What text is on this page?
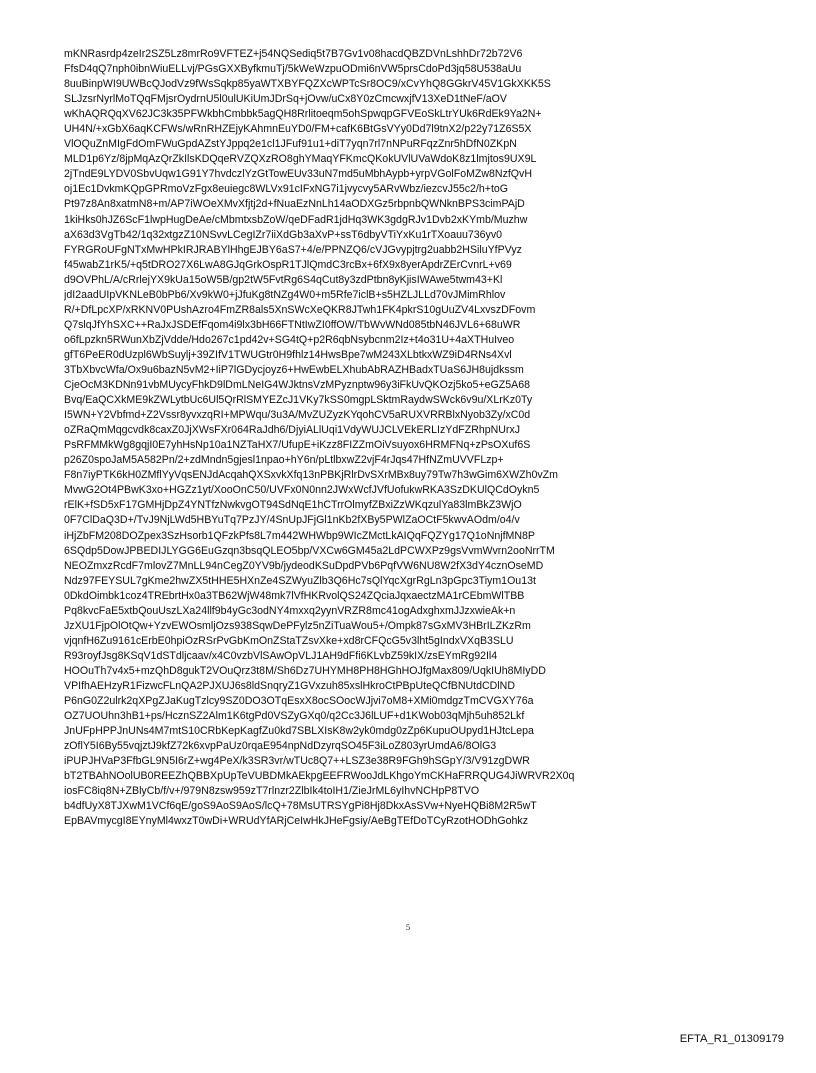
mKNRasrdp4zeIr2SZ5Lz8mrRo9VFTEZ+j54NQSediq5t7B7Gv1v08hacdQBZDVnLshhDr72b72V6
FfsD4qQ7nph0ibnWiuELLvj/PGsGXXByfkmuTj/5kWeWzpuODmi6nVW5prsCdoPd3jq58U538aUu
8uuBinpWI9UWBcQJodVz9fWsSqkp85yaWTXBYFQZXcWPTcSr8OC9/xCvYhQ8GGkrV45V1GkXKK5S
SLJzsrNyrlMoTQqFMjsrOydrnU5l0ulUKiUmJDrSq+jOvw/uCx8Y0zCmcwxjfV13XeD1tNeF/aOV
wKhAQRQqXV62JC3k35PFWkbhCmbbk5agQH8Rrlitoeqm5ohSpwqpGFVEoSkLtrYUk6RdEk9Ya2N+
UH4N/+xGbX6aqKCFWs/wRnRHZEjyKAhmnEuYD0/FM+cafK6BtGsVYy0Dd7l9tnX2/p22y71Z6S5X
VlOQuZnMIgFdOmFWuGpdAZstYJppq2e1cl1JFuf91u1+diT7yqn7rl7nNPuRFqzZnr5hDfN0ZKpN
MLD1p6Yz/8jpMqAzQrZkIlsKDQqeRVZQXzRO8ghYMaqYFKmcQKokUVlUVaWdoK8z1lmjtos9UX9L
2jTndE9LYDV0SbvUqw1G91Y7hvdczlYzGtTowEUv33uN7md5uMbhAypb+yrpVGolFoMZw8NzfQvH
oj1Ec1DvkmKQpGPRmoVzFgx8euiegc8WLVx91cIFxNG7i1jvycvy5ARvWbz/iezcvJ55c2/h+toG
Pt97z8An8xatmN8+m/AP7iWOeXMvXfjtj2d+fNuaEzNnLh14aODXGz5rbpnbQWNknBPS3cimPAjD
1kiHks0hJZ6ScF1lwpHugDeAe/cMbmtxsbZoW/qeDFadR1jdHq3WK3gdgRJv1Dvb2xKYmb/Muzhw
aX63d3VgTb42/1q32xtgzZ10NSvvLCegIZr7iiXdGb3aXvP+ssT6dbyVTiYxKu1rTXoauu736yv0
FYRGRoUFgNTxMwHPkIRJRABYlHhgEJBY6aS7+4/e/PPNZQ6/cVJGvypjtrg2uabb2HSiluYfPVyz
f45wabZ1rK5/+q5tDRO27X6LwA8GJqGrkOspR1TJlQmdC3rcBx+6fX9x8yerApdrZErCvnrL+v69
d9OVPhL/A/cRrlejYX9kUa15oW5B/gp2tW5FvtRg6S4qCut8y3zdPtbn8yKjisIWAwe5twm43+Kl
jdI2aadUIpVKNLeB0bPb6/Xv9kW0+jJfuKg8tNZg4W0+m5Rfe7iclB+s5HZLJLLd70vJMimRhlov
R/+DfLpcXP/xRKNV0PUshAzro4FmZR8als5XnSWcXeQKR8JTwh1FK4pkrS10gUuZV4LxvszDFovm
Q7slqJfYhSXC++RaJxJSDEfFqom4i9lx3bH66FTNtIwZI0ffOW/TbWvWNd085tbN46JVL6+68uWR
o6fLpzkn5RWunXbZjVdde/Hdo267c1pd42v+SG4tQ+p2R6qbNsybcnm2Iz+t4o31U+4aXTHuIveo
gfT6PeER0dUzpl6WbSuylj+39ZIfV1TWUGtr0H9fhlz14HwsBpe7wM243XLbtkxWZ9iD4RNs4Xvl
3TbXbvcWfa/Ox9u6bazN5vM2+IiP7lGDycjoyz6+HwEwbELXhubAbRAZHBadxTUaS6JH8ujdkssm
CjeOcM3KDNn91vbMUycyFhkD9lDmLNeIG4WJktnsVzMPyznptw96y3iFkUvQKOzj5ko5+eGZ5A68
Bvq/EaQCXkME9kZWLytbUc6Ul5QrRlSMYEZcJ1VKy7kSS0mgpLSktmRaydwSWck6v9u/XLrKz0Ty
I5WN+Y2Vbfmd+Z2Vssr8yvxzqRI+MPWqu/3u3A/MvZUZyzKYqohCV5aRUXVRRBlxNyob3Zy/xC0d
oZRaQmMqgcvdk8caxZ0JjXWsFXr064RaJdh6/DjyiALlUqi1VdyWUJCLVEkERLIzYdFZRhpNUrxJ
PsRFMMkWg8gqjI0E7yhHsNp10a1NZTaHX7/UfupE+iKzz8FIZZmOiVsuyox6HRMFNq+zPsOXuf6S
p26Z0spoJaM5A582Pn/2+zdMndn5gjesl1npao+hY6n/pLtlbxwZ2vjF4rJqs47HfNZmUVVFLzp+
F8n7iyPTK6kH0ZMflYyVqsENJdAcqahQXSxvkXfq13nPBKjRlrDvSXrMBx8uy79Tw7h3wGim6XWZh0vZm
MvwG2Ot4PBwK3xo+HGZz1yt/XooOnC50/UVFx0N0nn2JWxWcfJVfUofukwRKA3SzDKUlQCdOykn5
rElK+fSD5xF17GMHjDpZ4YNTfzNwkvgOT94SdNqE1hCTrrOlmyfZBxiZzWKqzulYa83lmBkZ3WjO
0F7ClDaQ3D+/TvJ9NjLWd5HBYuTq7PzJY/4SnUpJFjGl1nKb2fXBy5PWlZaOCtF5kwvAOdm/o4/v
iHjZbFM208DOZpex3SzHsorb1QFzkPfs8L7m442WHWbp9WIcZMctLkAIQqFQZYg17Q1oNnjfMN8P
6SQdp5DowJPBEDIJLYGG6EuGzqn3bsqQLEO5bp/VXCw6GM45a2LdPCWXPz9gsVvmWvrn2ooNrrTM
NEOZmxzRcdF7mlovZ7MnLL94nCegZ0YV9b/jydeodKSuDpdPVb6PqfVW6NU8W2fX3dY4cznOseMD
Ndz97FEYSUL7gKme2hwZX5tHHE5HXnZe4SZWyuZlb3Q6Hc7sQlYqcXgrRgLn3pGpc3Tiym1Ou13t
0DkdOimbk1coz4TREbrtHx0a3TB62WjW48mk7lVfHKRvolQS24ZQciaJqxaectzMA1rCEbmWlTBB
Pq8kvcFaE5xtbQouUszLXa24llf9b4yGc3odNY4mxxq2yynVRZR8mc41ogAdxghxmJJzxwieAk+n
JzXU1FjpOlOtQw+YzvEWOsmljOzs938SqwDePFylz5nZiTuaWou5+/Ompk87sGxMV3HBrILZKzRm
vjqnfH6Zu9161cErbE0hpiOzRSrPvGbKmOnZStaTZsvXke+xd8rCFQcG5v3lht5gIndxVXqB3SLU
R93royfJsg8KSqV1dSTdljcaav/x4C0vzbVlSAwOpVLJ1AH9dFfi6KLvbZ59kIX/zsEYmRg92Il4
HOOuTh7v4x5+mzQhD8gukT2VOuQrz3t8M/Sh6Dz7UHYMH8PH8HGhHOJfgMax809/UqkIUh8MIyDD
VPIfhAEHzyR1FizwcFLnQA2PJXUJ6s8ldSnqryZ1GVxzuh85xslHkroCtPBpUteQCfBNUtdCDlND
P6nG0Z2ulrk2qXPgZJaKugTzlcy9SZ0DO3OTqEsxX8ocSOocWJjvi7oM8+XMi0mdgzTmCVGXY76a
OZ7UOUhn3hB1+ps/HcznSZ2Alm1K6tgPd0VSZyGXq0/q2Cc3J6lLUF+d1KWob03qMjh5uh852Lkf
JnUFpHPPJnUNs4M7mtS10CRbKepKagfZu0kd7SBLXIsK8w2yk0mdg0zZp6KupuOUpyd1HJtcLepa
zOflY5I6By55vqjztJ9kfZ72k6xvpPaUz0rqaE954npNdDzyrqSO45F3iLoZ803yrUmdA6/8OlG3
iPUPJHVaP3FfbGL9N5I6rZ+wg4PeX/k3SR3vr/wTUc8Q7++LSZ3e38R9FGh9hSGpY/3/V91zgDWR
bT2TBAhNOolUB0REEZhQBBXpUpTeVUBDMkAEkpgEEFRWooJdLKhgoYmCKHaFRRQUG4JiWRVR2X0q
iosFC8iq8N+ZBlyCb/f/v+/979N8zsw959zT7rlnzr2ZlbIk4toIH1/ZieJrML6yIhvNCHpP8TVO
b4dfUyX8TJXwM1VCf6qE/goS9AoS9AoS/lcQ+78MsUTRSYgPi8Hj8DkxAsSVw+NyeHQBi8M2R5wT
EpBAVmycgI8EYnyMl4wxzT0wDi+WRUdYfARjCeIwHkJHeFgsiy/AeBgTEfDoTCyRzotHODhGohkz
5
EFTA_R1_01309179
